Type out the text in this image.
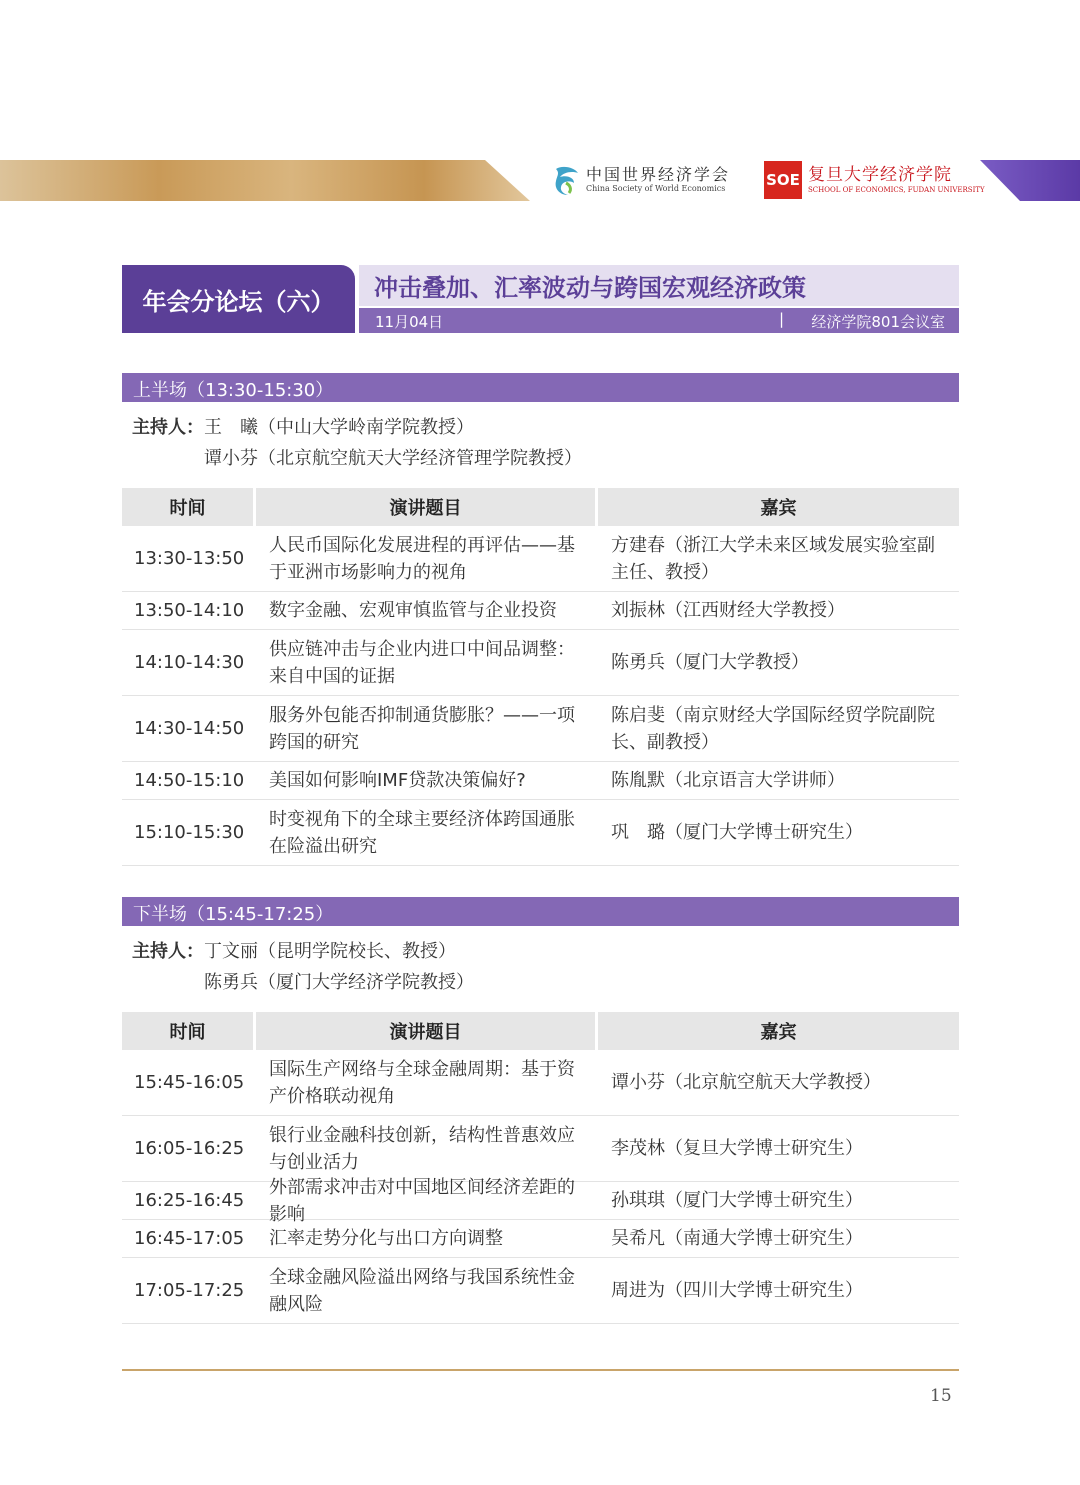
中国世界经济学会
China Society of World Economics	SOE 复旦大学经济学院
SCHOOL OF ECONOMICS, FUDAN UNIVERSITY
年会分论坛（六）	冲击叠加、汇率波动与跨国宏观经济政策
11月04日	| 经济学院801会议室
上半场（13:30-15:30）
主持人：王　曦（中山大学岭南学院教授）
谭小芬（北京航空航天大学经济管理学院教授）
时间	演讲题目	嘉宾
13:30-13:50
人民币国际化发展进程的再评估——基于亚洲市场影响力的视角
方建春（浙江大学未来区域发展实验室副主任、教授）
13:50-14:10	数字金融、宏观审慎监管与企业投资	刘振林（江西财经大学教授）
14:10-14:30
供应链冲击与企业内进口中间品调整：来自中国的证据
陈勇兵（厦门大学教授）
14:30-14:50
服务外包能否抑制通货膨胀？——一项跨国的研究
陈启斐（南京财经大学国际经贸学院副院长、副教授）
14:50-15:10	美国如何影响IMF贷款决策偏好?	陈胤默（北京语言大学讲师）
15:10-15:30
时变视角下的全球主要经济体跨国通胀在险溢出研究
巩　璐（厦门大学博士研究生）
下半场（15:45-17:25）
主持人：丁文丽（昆明学院校长、教授）
陈勇兵（厦门大学经济学院教授）
时间	演讲题目	嘉宾
15:45-16:05
国际生产网络与全球金融周期：基于资产价格联动视角
谭小芬（北京航空航天大学教授）
16:05-16:25
银行业金融科技创新，结构性普惠效应与创业活力
李茂林（复旦大学博士研究生）
16:25-16:45
外部需求冲击对中国地区间经济差距的影响
孙琪琪（厦门大学博士研究生）
16:45-17:05	汇率走势分化与出口方向调整	吴希凡（南通大学博士研究生）
17:05-17:25
全球金融风险溢出网络与我国系统性金融风险
周进为（四川大学博士研究生）
15
